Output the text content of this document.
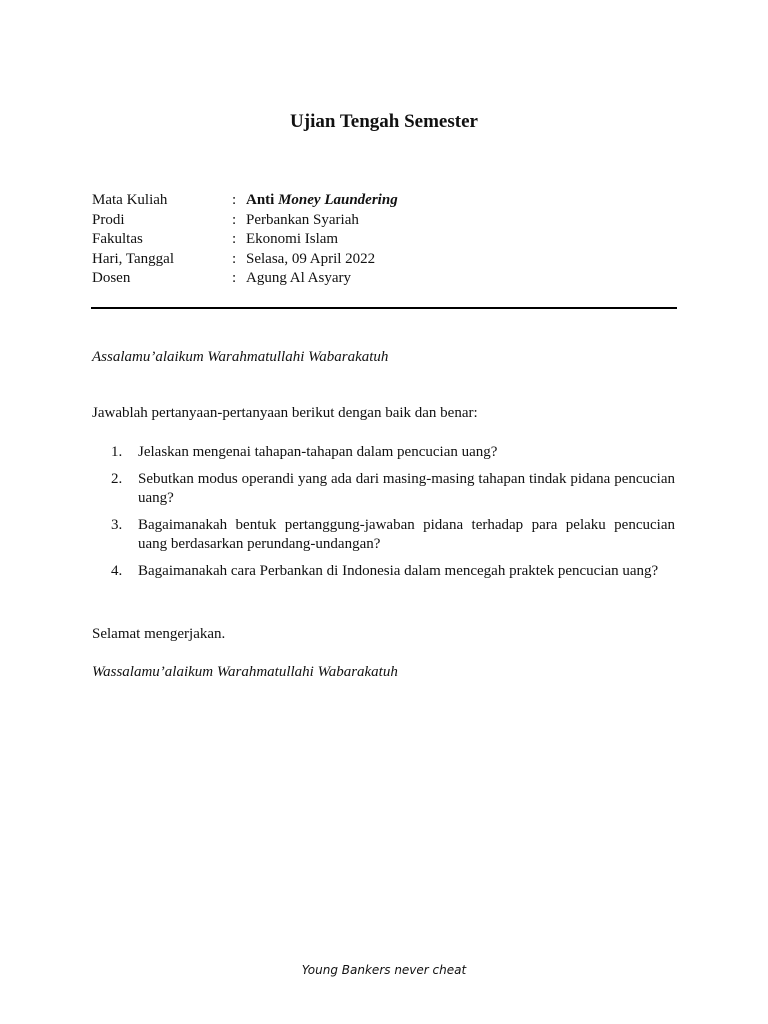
Ujian Tengah Semester
Mata Kuliah	: Anti Money Laundering
Prodi	: Perbankan Syariah
Fakultas	: Ekonomi Islam
Hari, Tanggal	: Selasa, 09 April 2022
Dosen	: Agung Al Asyary
Assalamu’alaikum Warahmatullahi Wabarakatuh
Jawablah pertanyaan-pertanyaan berikut dengan baik dan benar:
1.	Jelaskan mengenai tahapan-tahapan dalam pencucian uang?
2.	Sebutkan modus operandi yang ada dari masing-masing tahapan tindak pidana pencucian uang?
3.	Bagaimanakah bentuk pertanggung-jawaban pidana terhadap para pelaku pencucian uang berdasarkan perundang-undangan?
4.	Bagaimanakah cara Perbankan di Indonesia dalam mencegah praktek pencucian uang?
Selamat mengerjakan.
Wassalamu’alaikum Warahmatullahi Wabarakatuh
Young Bankers never cheat
